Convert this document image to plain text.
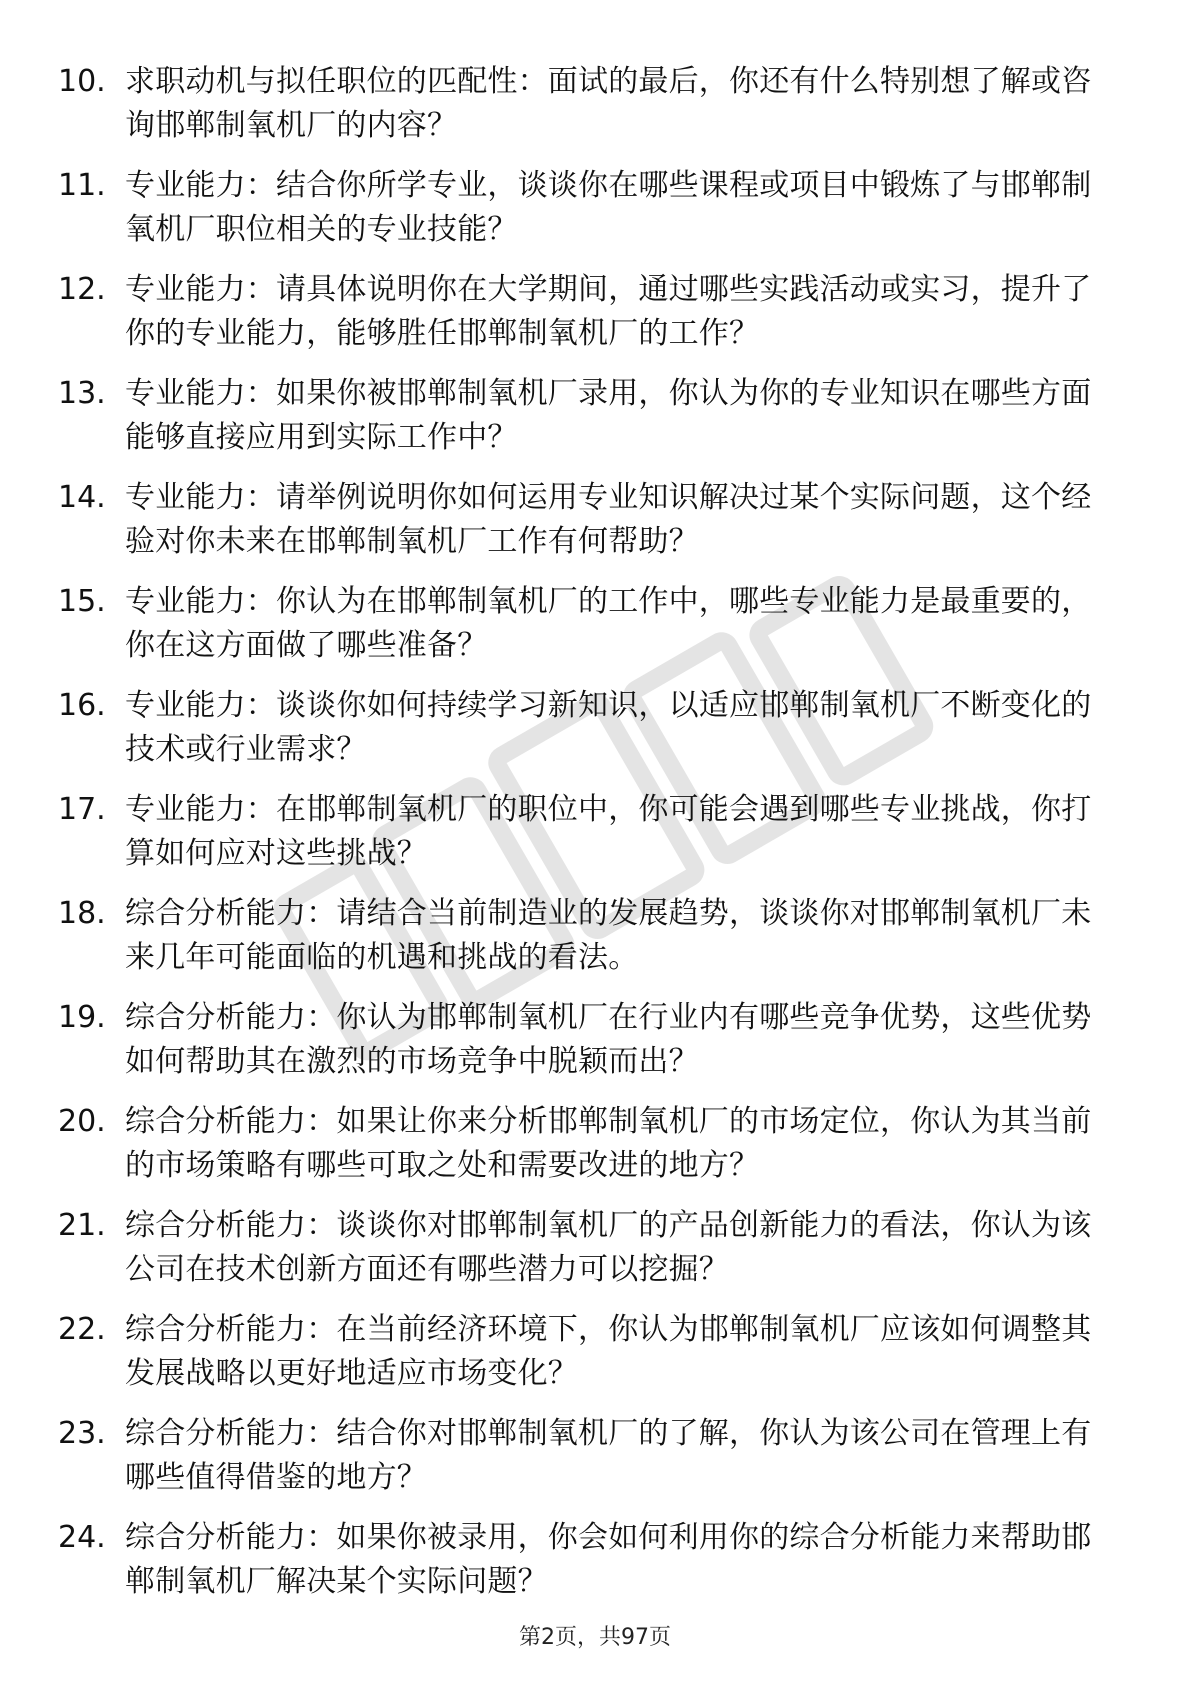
10. 求职动机与拟任职位的匹配性：面试的最后，你还有什么特别想了解或咨询邯郸制氧机厂的内容？
11. 专业能力：结合你所学专业，谈谈你在哪些课程或项目中锻炼了与邯郸制氧机厂职位相关的专业技能？
12. 专业能力：请具体说明你在大学期间，通过哪些实践活动或实习，提升了你的专业能力，能够胜任邯郸制氧机厂的工作？
13. 专业能力：如果你被邯郸制氧机厂录用，你认为你的专业知识在哪些方面能够直接应用到实际工作中？
14. 专业能力：请举例说明你如何运用专业知识解决过某个实际问题，这个经验对你未来在邯郸制氧机厂工作有何帮助？
15. 专业能力：你认为在邯郸制氧机厂的工作中，哪些专业能力是最重要的，你在这方面做了哪些准备？
16. 专业能力：谈谈你如何持续学习新知识，以适应邯郸制氧机厂不断变化的技术或行业需求？
17. 专业能力：在邯郸制氧机厂的职位中，你可能会遇到哪些专业挑战，你打算如何应对这些挑战？
18. 综合分析能力：请结合当前制造业的发展趋势，谈谈你对邯郸制氧机厂未来几年可能面临的机遇和挑战的看法。
19. 综合分析能力：你认为邯郸制氧机厂在行业内有哪些竞争优势，这些优势如何帮助其在激烈的市场竞争中脱颖而出？
20. 综合分析能力：如果让你来分析邯郸制氧机厂的市场定位，你认为其当前的市场策略有哪些可取之处和需要改进的地方？
21. 综合分析能力：谈谈你对邯郸制氧机厂的产品创新能力的看法，你认为该公司在技术创新方面还有哪些潜力可以挖掘？
22. 综合分析能力：在当前经济环境下，你认为邯郸制氧机厂应该如何调整其发展战略以更好地适应市场变化？
23. 综合分析能力：结合你对邯郸制氧机厂的了解，你认为该公司在管理上有哪些值得借鉴的地方？
24. 综合分析能力：如果你被录用，你会如何利用你的综合分析能力来帮助邯郸制氧机厂解决某个实际问题？
第2页，共97页
